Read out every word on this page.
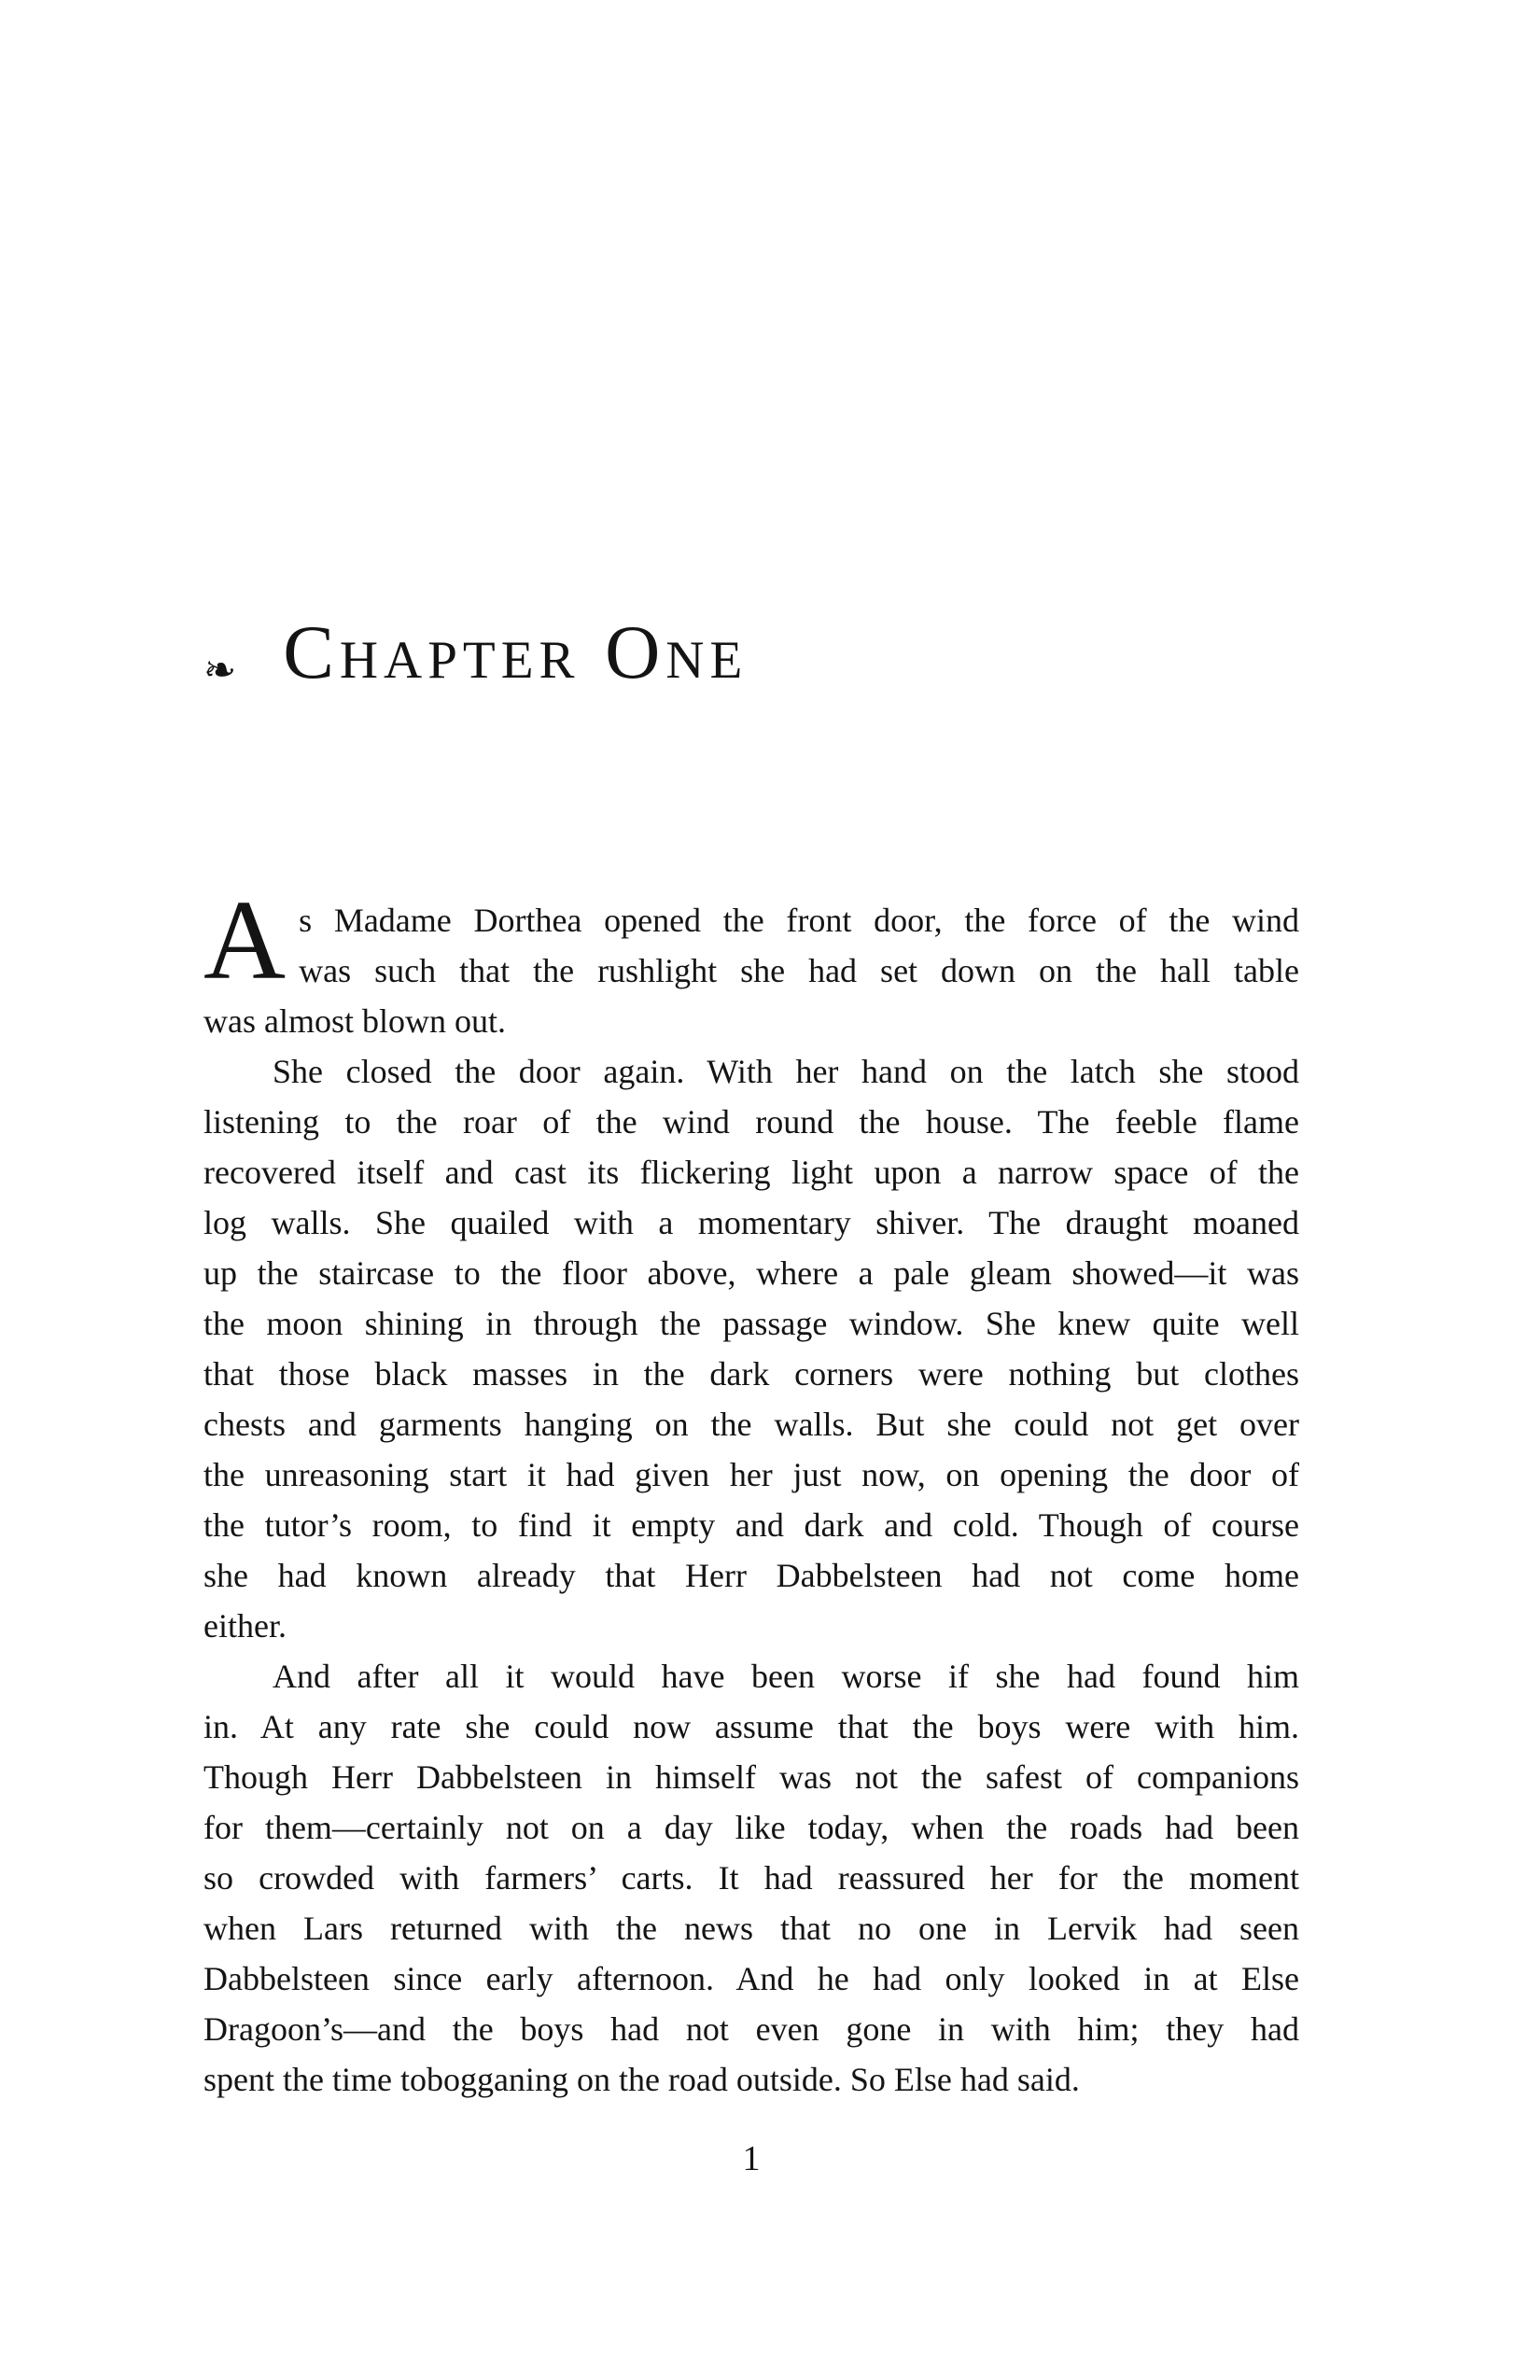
❧ Chapter One
A s Madame Dorthea opened the front door, the force of the wind
was such that the rushlight she had set down on the hall table
was almost blown out.
She closed the door again. With her hand on the latch she stood
listening to the roar of the wind round the house. The feeble flame
recovered itself and cast its flickering light upon a narrow space of the
log walls. She quailed with a momentary shiver. The draught moaned
up the staircase to the floor above, where a pale gleam showed—it was
the moon shining in through the passage window. She knew quite well
that those black masses in the dark corners were nothing but clothes
chests and garments hanging on the walls. But she could not get over
the unreasoning start it had given her just now, on opening the door of
the tutor’s room, to find it empty and dark and cold. Though of course
she had known already that Herr Dabbelsteen had not come home
either.
And after all it would have been worse if she had found him
in. At any rate she could now assume that the boys were with him.
Though Herr Dabbelsteen in himself was not the safest of companions
for them—certainly not on a day like today, when the roads had been
so crowded with farmers’ carts. It had reassured her for the moment
when Lars returned with the news that no one in Lervik had seen
Dabbelsteen since early afternoon. And he had only looked in at Else
Dragoon’s—and the boys had not even gone in with him; they had
spent the time tobogganing on the road outside. So Else had said.
1
